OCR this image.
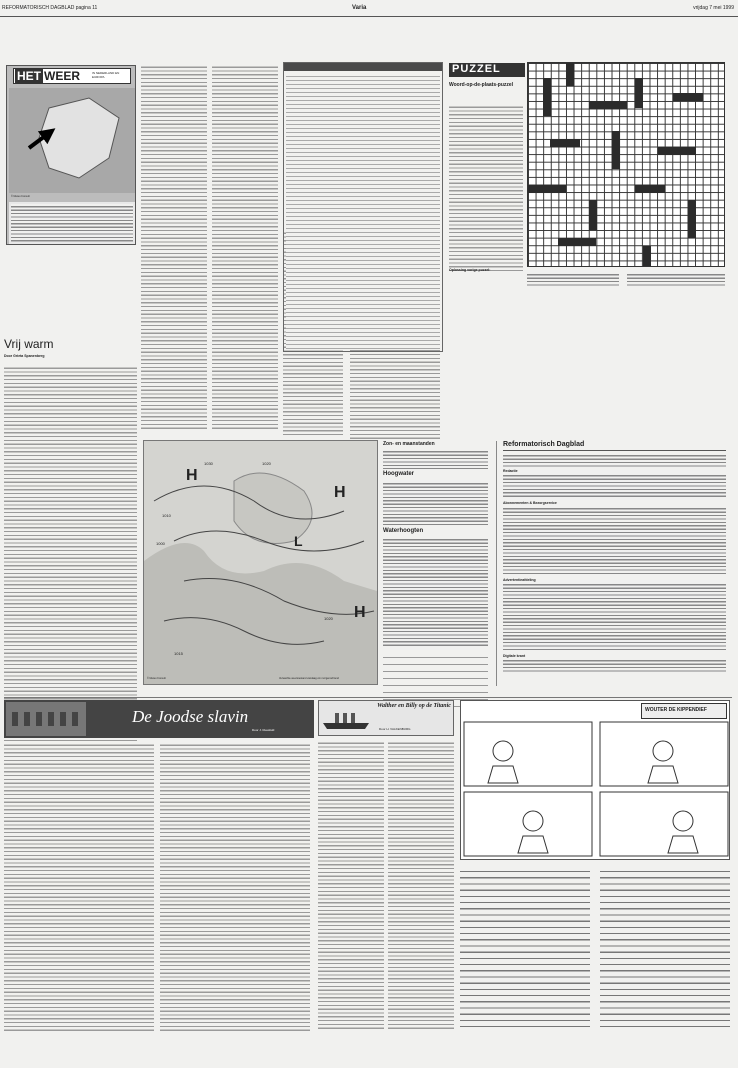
REFORMATORISCH DAGBLAD pagina 11	Varia	vrijdag 7 mei 1999
HET WEER	IN NEDERLAND EN EUROPA
© Meteo Consult
Vrij warm
Door Grieta Spanenberg
PUZZEL
Woord-op-de-plaats-puzzel
Oplossing vorige puzzel:
H
H
H
L
1010
1000
1020
1030
1020
1015
© Meteo Consult	Verwachte weertoestand vandaag om morgenochtend
Zon- en maanstanden
Hoogwater
Waterhoogten
Reformatorisch Dagblad
Redactie
Abonnementen & Bezorgservice
Advertentieafdeling
Digitale krant
De Joodse slavin
Door J. Ruesfeld
Walther en Billy op de Titanic
Door H. VALKENBURG
WOUTER DE KIPPENDIEF
